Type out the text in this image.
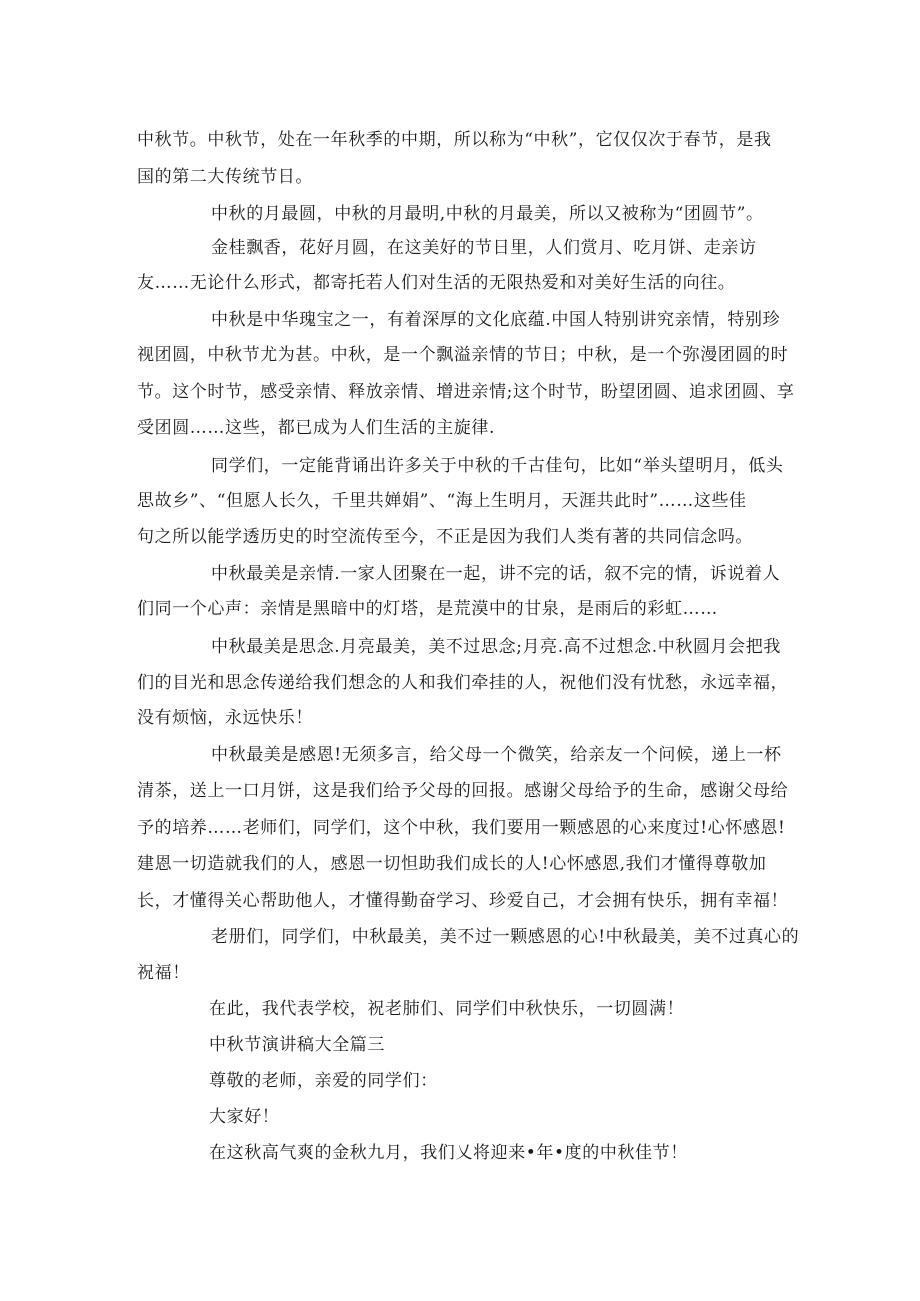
中秋节。中秋节，处在一年秋季的中期，所以称为“中秋”，它仅仅次于春节，是我
国的第二大传统节日。
中秋的月最圆，中秋的月最明,中秋的月最美，所以又被称为“团圆节”。
金桂飘香，花好月圆，在这美好的节日里，人们赏月、吃月饼、走亲访
友……无论什么形式，都寄托若人们对生活的无限热爱和对美好生活的向往。
中秋是中华瑰宝之一，有着深厚的文化底蕴.中国人特别讲究亲情，特别珍
视团圆，中秋节尤为甚。中秋，是一个飘溢亲情的节日；中秋，是一个弥漫团圆的时
节。这个时节，感受亲情、释放亲情、增进亲情;这个时节，盼望团圆、追求团圆、享
受团圆……这些，都已成为人们生活的主旋律.
同学们，一定能背诵出许多关于中秋的千古佳句，比如“举头望明月，低头
思故乡”、“但愿人长久，千里共婵娟”、“海上生明月，天涯共此时”……这些佳
句之所以能学透历史的时空流传至今，不正是因为我们人类有著的共同信念吗。
中秋最美是亲情.一家人团聚在一起，讲不完的话，叙不完的情，诉说着人
们同一个心声：亲情是黑暗中的灯塔，是荒漠中的甘泉，是雨后的彩虹……
中秋最美是思念.月亮最美，美不过思念;月亮.高不过想念.中秋圆月会把我
们的目光和思念传递给我们想念的人和我们牵挂的人，祝他们没有忧愁，永远幸福，
没有烦恼，永远快乐！
中秋最美是感恩!无须多言，给父母一个微笑，给亲友一个问候，递上一杯
清茶，送上一口月饼，这是我们给予父母的回报。感谢父母给予的生命，感谢父母给
予的培养……老师们，同学们，这个中秋，我们要用一颗感恩的心来度过!心怀感恩!
建恩一切造就我们的人，感恩一切怛助我们成长的人!心怀感恩,我们才懂得尊敬加
长，才懂得关心帮助他人，才懂得勤奋学习、珍爱自己，才会拥有快乐，拥有幸福！
老册们，同学们，中秋最美，美不过一颗感恩的心!中秋最美，美不过真心的
祝福！
在此，我代表学校，祝老肺们、同学们中秋快乐，一切圆满！
中秋节演讲稿大全篇三
尊敬的老师，亲爱的同学们：
大家好！
在这秋高气爽的金秋九月，我们乂将迎来•年•度的中秋佳节！
